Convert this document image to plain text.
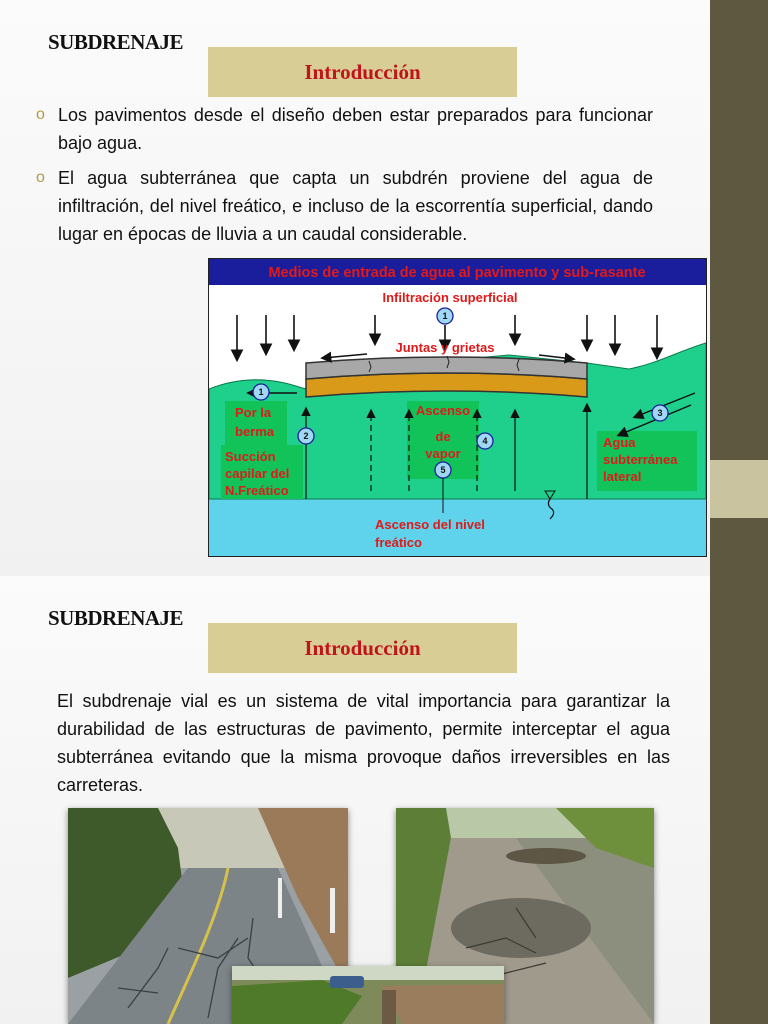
SUBDRENAJE
Introducción
o Los pavimentos desde el diseño deben estar preparados para funcionar bajo agua.
o El agua subterránea que capta un subdrén proviene del agua de infiltración, del nivel freático, e incluso de la escorrentía superficial, dando lugar en épocas de lluvia a un caudal considerable.
Medios de entrada de agua al pavimento y sub-rasante
1
1
2
3
4
5
Infiltración superficial
Juntas y grietas
Por la
berma
Ascenso
de
vapor
Succión
capilar del
N.Freático
Agua
subterránea
lateral
Ascenso del nivel
freático
SUBDRENAJE
Introducción
El subdrenaje vial es un sistema de vital importancia para garantizar la durabilidad de las estructuras de pavimento, permite interceptar el agua subterránea evitando que la misma provoque daños irreversibles en las carreteras.
